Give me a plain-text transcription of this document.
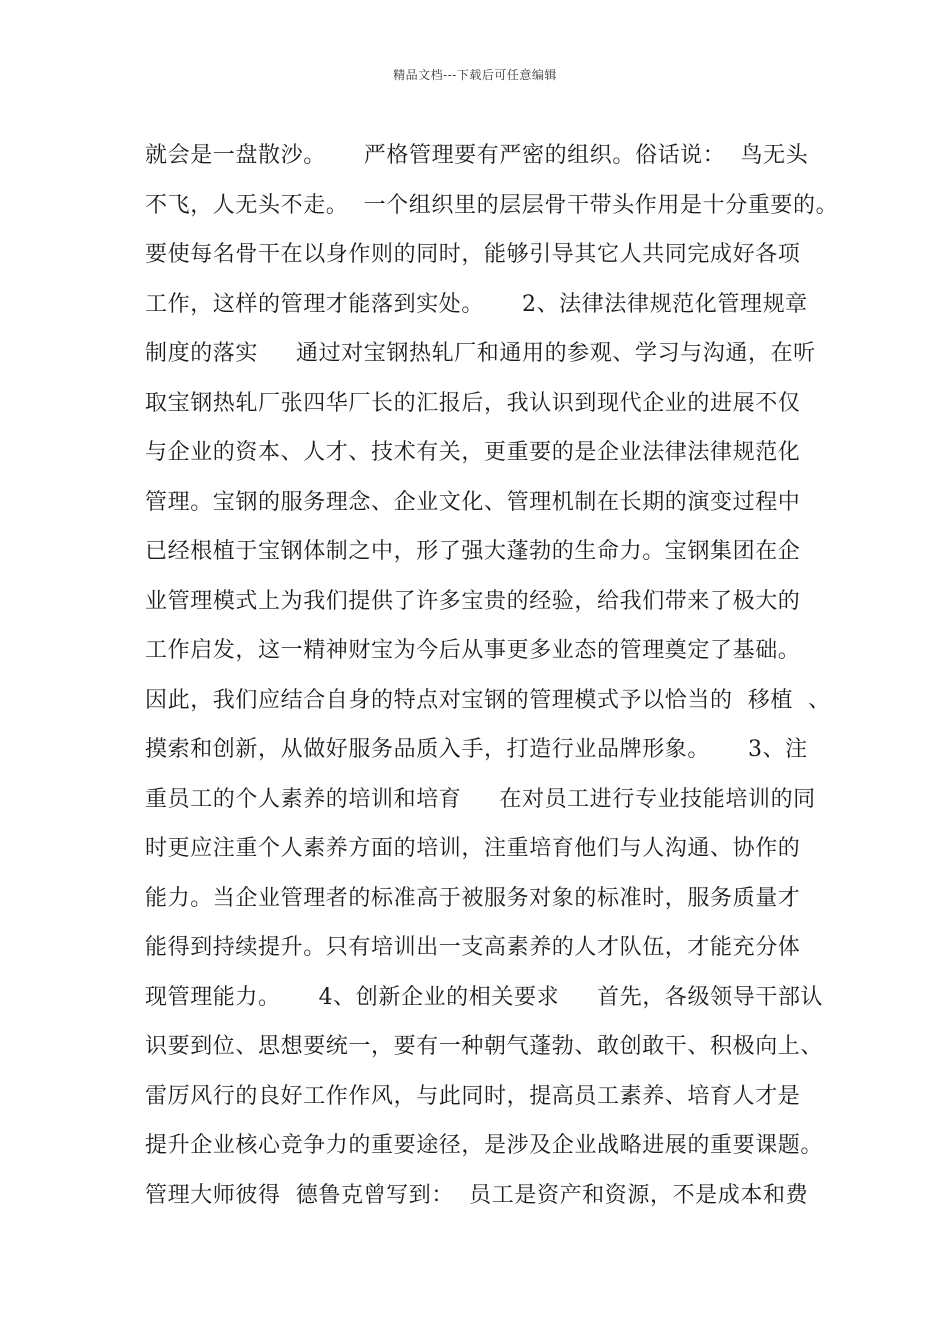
精品文档---下载后可任意编辑
就会是一盘散沙。     严格管理要有严密的组织。俗话说：  鸟无头
不飞，人无头不走。  一个组织里的层层骨干带头作用是十分重要的。
要使每名骨干在以身作则的同时，能够引导其它人共同完成好各项
工作，这样的管理才能落到实处。     2、法律法律规范化管理规章
制度的落实     通过对宝钢热轧厂和通用的参观、学习与沟通，在听
取宝钢热轧厂张四华厂长的汇报后，我认识到现代企业的进展不仅
与企业的资本、人才、技术有关，更重要的是企业法律法律规范化
管理。宝钢的服务理念、企业文化、管理机制在长期的演变过程中
已经根植于宝钢体制之中，形了强大蓬勃的生命力。宝钢集团在企
业管理模式上为我们提供了许多宝贵的经验，给我们带来了极大的
工作启发，这一精神财宝为今后从事更多业态的管理奠定了基础。
因此，我们应结合自身的特点对宝钢的管理模式予以恰当的  移植  、
摸索和创新，从做好服务品质入手，打造行业品牌形象。     3、注
重员工的个人素养的培训和培育     在对员工进行专业技能培训的同
时更应注重个人素养方面的培训，注重培育他们与人沟通、协作的
能力。当企业管理者的标准高于被服务对象的标准时，服务质量才
能得到持续提升。只有培训出一支高素养的人才队伍，才能充分体
现管理能力。     4、创新企业的相关要求     首先，各级领导干部认
识要到位、思想要统一，要有一种朝气蓬勃、敢创敢干、积极向上、
雷厉风行的良好工作作风，与此同时，提高员工素养、培育人才是
提升企业核心竞争力的重要途径，是涉及企业战略进展的重要课题。
管理大师彼得  德鲁克曾写到：  员工是资产和资源，不是成本和费
